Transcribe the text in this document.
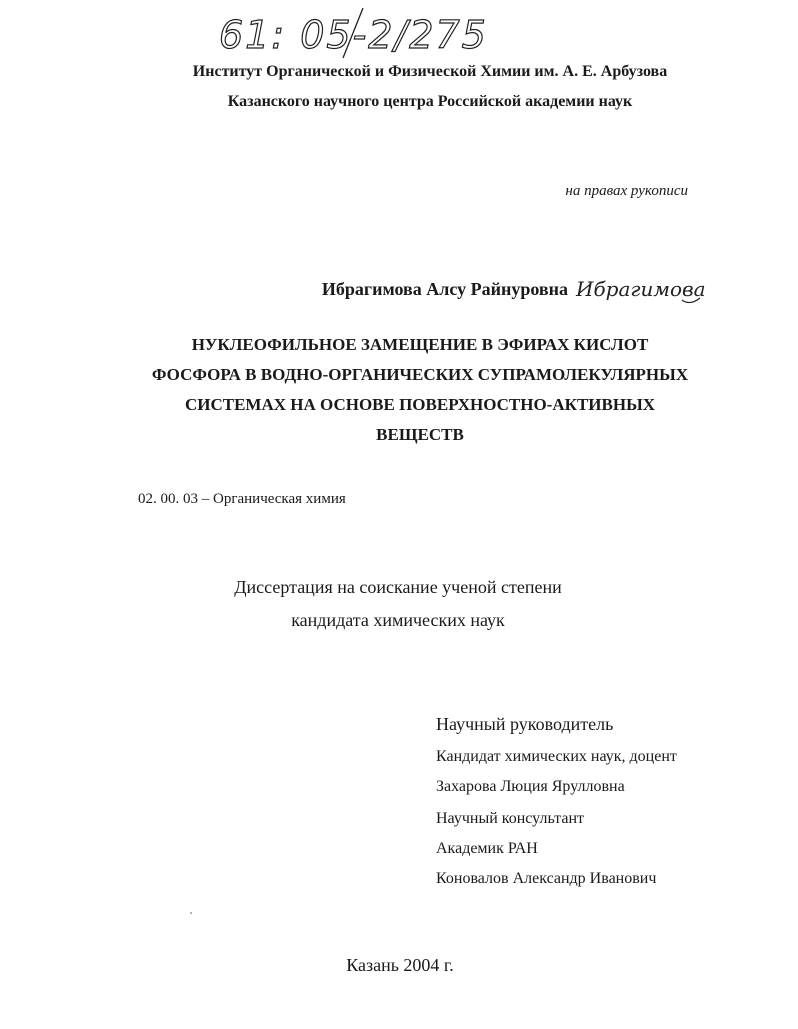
61: 05-2/275
Институт Органической и Физической Химии им. А. Е. Арбузова
Казанского научного центра Российской академии наук
на правах рукописи
Ибрагимова Алсу Райнуровна Ибрагимова
НУКЛЕОФИЛЬНОЕ ЗАМЕЩЕНИЕ В ЭФИРАХ КИСЛОТ
ФОСФОРА В ВОДНО-ОРГАНИЧЕСКИХ СУПРАМОЛЕКУЛЯРНЫХ
СИСТЕМАХ НА ОСНОВЕ ПОВЕРХНОСТНО-АКТИВНЫХ
ВЕЩЕСТВ
02. 00. 03 – Органическая химия
Диссертация на соискание ученой степени
кандидата химических наук
Научный руководитель
Кандидат химических наук, доцент
Захарова Люция Ярулловна
Научный консультант
Академик РАН
Коновалов Александр Иванович
Казань 2004 г.
